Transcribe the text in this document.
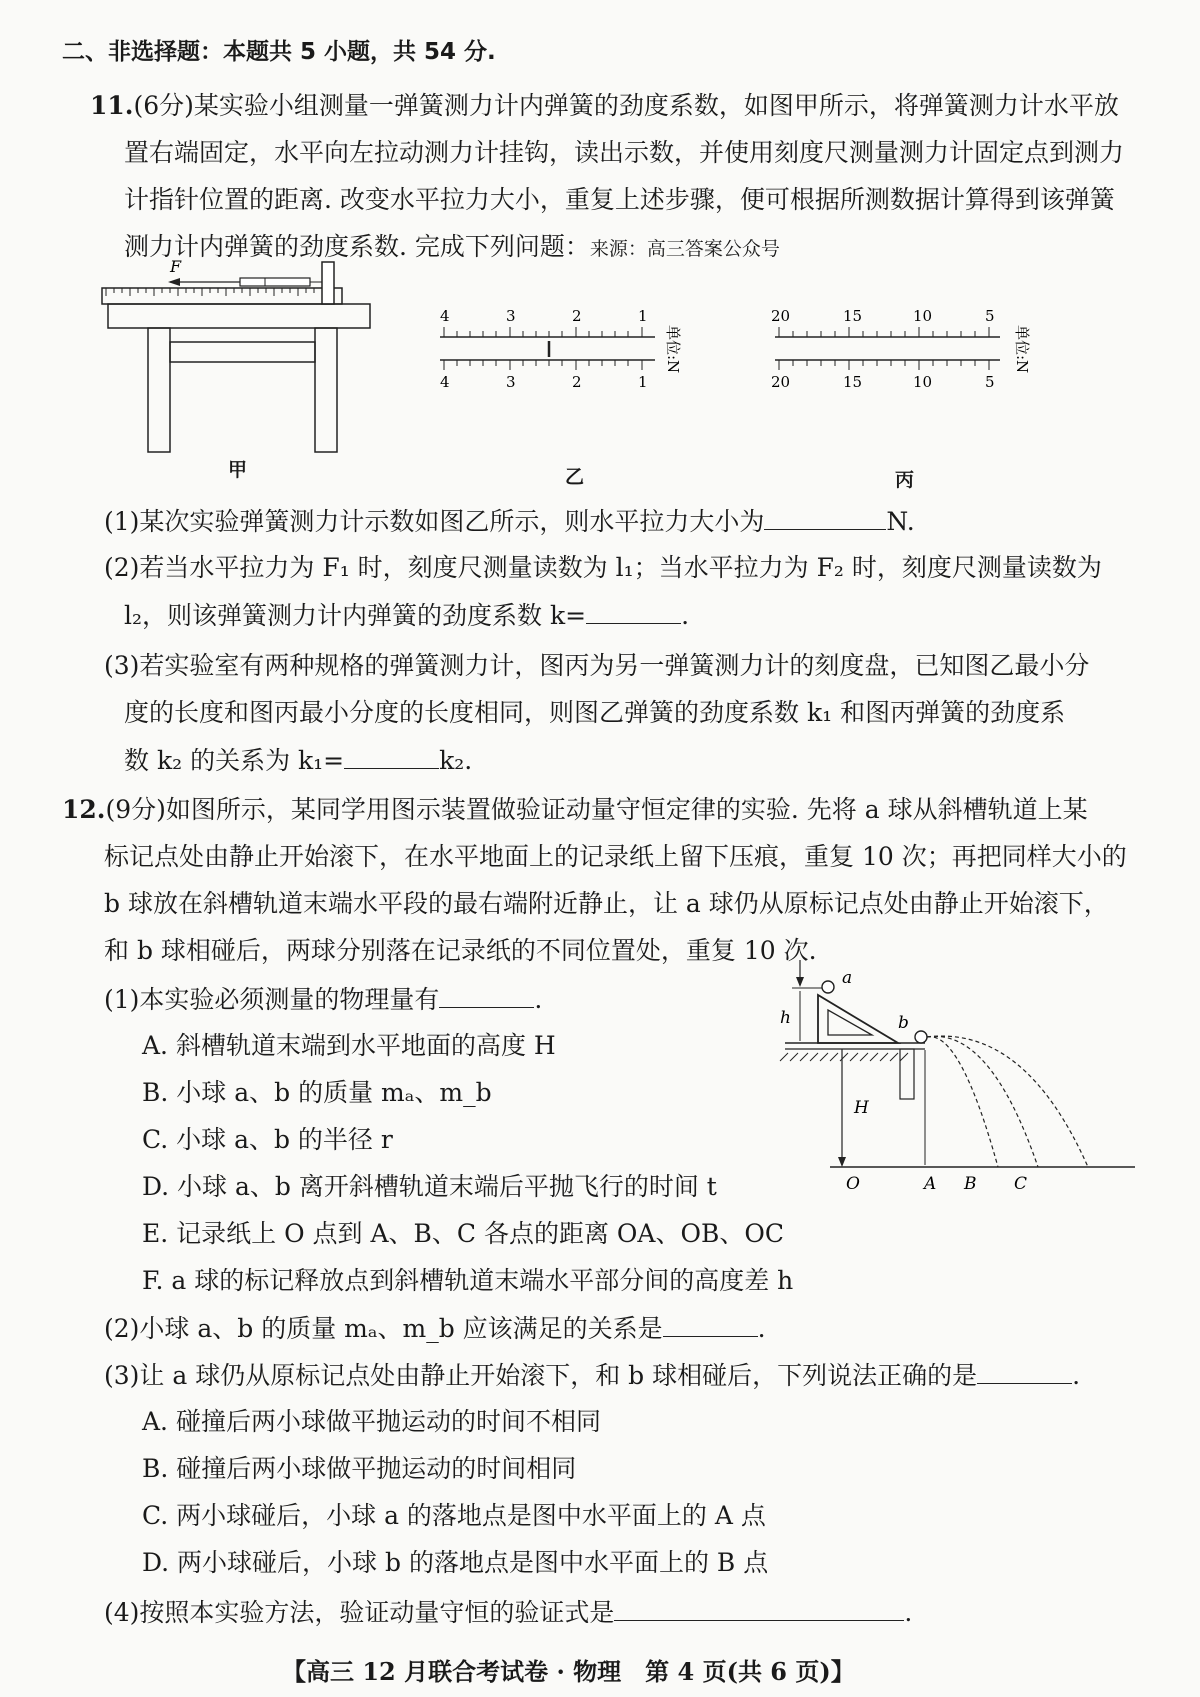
二、非选择题：本题共 5 小题，共 54 分.
11.(6分)某实验小组测量一弹簧测力计内弹簧的劲度系数，如图甲所示，将弹簧测力计水平放
置右端固定，水平向左拉动测力计挂钩，读出示数，并使用刻度尺测量测力计固定点到测力
计指针位置的距离. 改变水平拉力大小，重复上述步骤，便可根据所测数据计算得到该弹簧
测力计内弹簧的劲度系数. 完成下列问题：来源：高三答案公众号
F
甲
4	3	2	1
4	3	2	1
单位:N
乙
20	15	10	5
20	15	10	5
单位:N
丙
(1)某次实验弹簧测力计示数如图乙所示，则水平拉力大小为	N.
(2)若当水平拉力为 F₁ 时，刻度尺测量读数为 l₁；当水平拉力为 F₂ 时，刻度尺测量读数为
l₂，则该弹簧测力计内弹簧的劲度系数 k=	.
(3)若实验室有两种规格的弹簧测力计，图丙为另一弹簧测力计的刻度盘，已知图乙最小分
度的长度和图丙最小分度的长度相同，则图乙弹簧的劲度系数 k₁ 和图丙弹簧的劲度系
数 k₂ 的关系为 k₁=	k₂.
12.(9分)如图所示，某同学用图示装置做验证动量守恒定律的实验. 先将 a 球从斜槽轨道上某
标记点处由静止开始滚下，在水平地面上的记录纸上留下压痕，重复 10 次；再把同样大小的
b 球放在斜槽轨道末端水平段的最右端附近静止，让 a 球仍从原标记点处由静止开始滚下，
和 b 球相碰后，两球分别落在记录纸的不同位置处，重复 10 次.
(1)本实验必须测量的物理量有	.
A. 斜槽轨道末端到水平地面的高度 H
B. 小球 a、b 的质量 mₐ、m_b
C. 小球 a、b 的半径 r
D. 小球 a、b 离开斜槽轨道末端后平抛飞行的时间 t
E. 记录纸上 O 点到 A、B、C 各点的距离 OA、OB、OC
F. a 球的标记释放点到斜槽轨道末端水平部分间的高度差 h
(2)小球 a、b 的质量 mₐ、m_b 应该满足的关系是	.
(3)让 a 球仍从原标记点处由静止开始滚下，和 b 球相碰后，下列说法正确的是	.
A. 碰撞后两小球做平抛运动的时间不相同
B. 碰撞后两小球做平抛运动的时间相同
C. 两小球碰后，小球 a 的落地点是图中水平面上的 A 点
D. 两小球碰后，小球 b 的落地点是图中水平面上的 B 点
(4)按照本实验方法，验证动量守恒的验证式是	.
h
a
b
H
O	A B C
【高三 12 月联合考试卷 · 物理　第 4 页(共 6 页)】
